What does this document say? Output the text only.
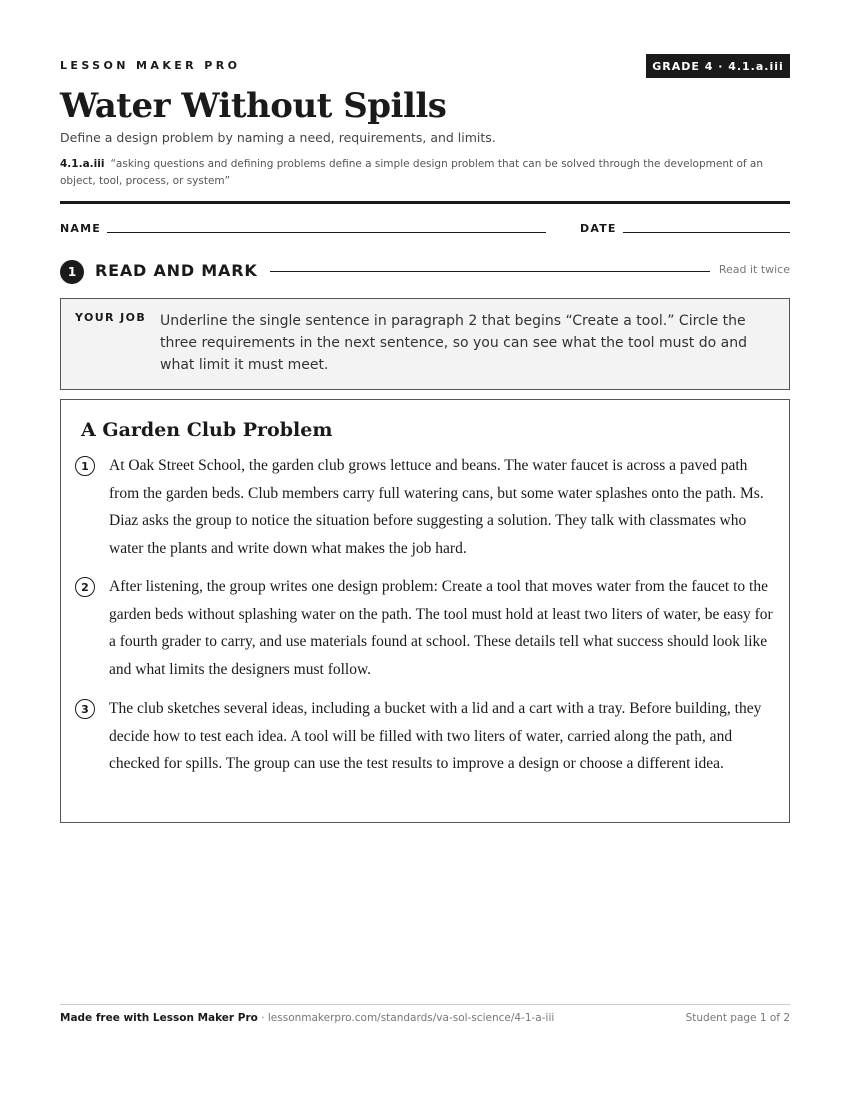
LESSON MAKER PRO	GRADE 4 · 4.1.a.iii
Water Without Spills
Define a design problem by naming a need, requirements, and limits.
4.1.a.iii “asking questions and defining problems define a simple design problem that can be solved through the development of an object, tool, process, or system”
NAME	DATE
1	READ AND MARK	Read it twice
YOUR JOB Underline the single sentence in paragraph 2 that begins “Create a tool.” Circle the three requirements in the next sentence, so you can see what the tool must do and what limit it must meet.
A Garden Club Problem
1	At Oak Street School, the garden club grows lettuce and beans. The water faucet is across a paved path from the garden beds. Club members carry full watering cans, but some water splashes onto the path. Ms. Diaz asks the group to notice the situation before suggesting a solution. They talk with classmates who water the plants and write down what makes the job hard.
2	After listening, the group writes one design problem: Create a tool that moves water from the faucet to the garden beds without splashing water on the path. The tool must hold at least two liters of water, be easy for a fourth grader to carry, and use materials found at school. These details tell what success should look like and what limits the designers must follow.
3	The club sketches several ideas, including a bucket with a lid and a cart with a tray. Before building, they decide how to test each idea. A tool will be filled with two liters of water, carried along the path, and checked for spills. The group can use the test results to improve a design or choose a different idea.
Made free with Lesson Maker Pro · lessonmakerpro.com/standards/va-sol-science/4-1-a-iii	Student page 1 of 2
